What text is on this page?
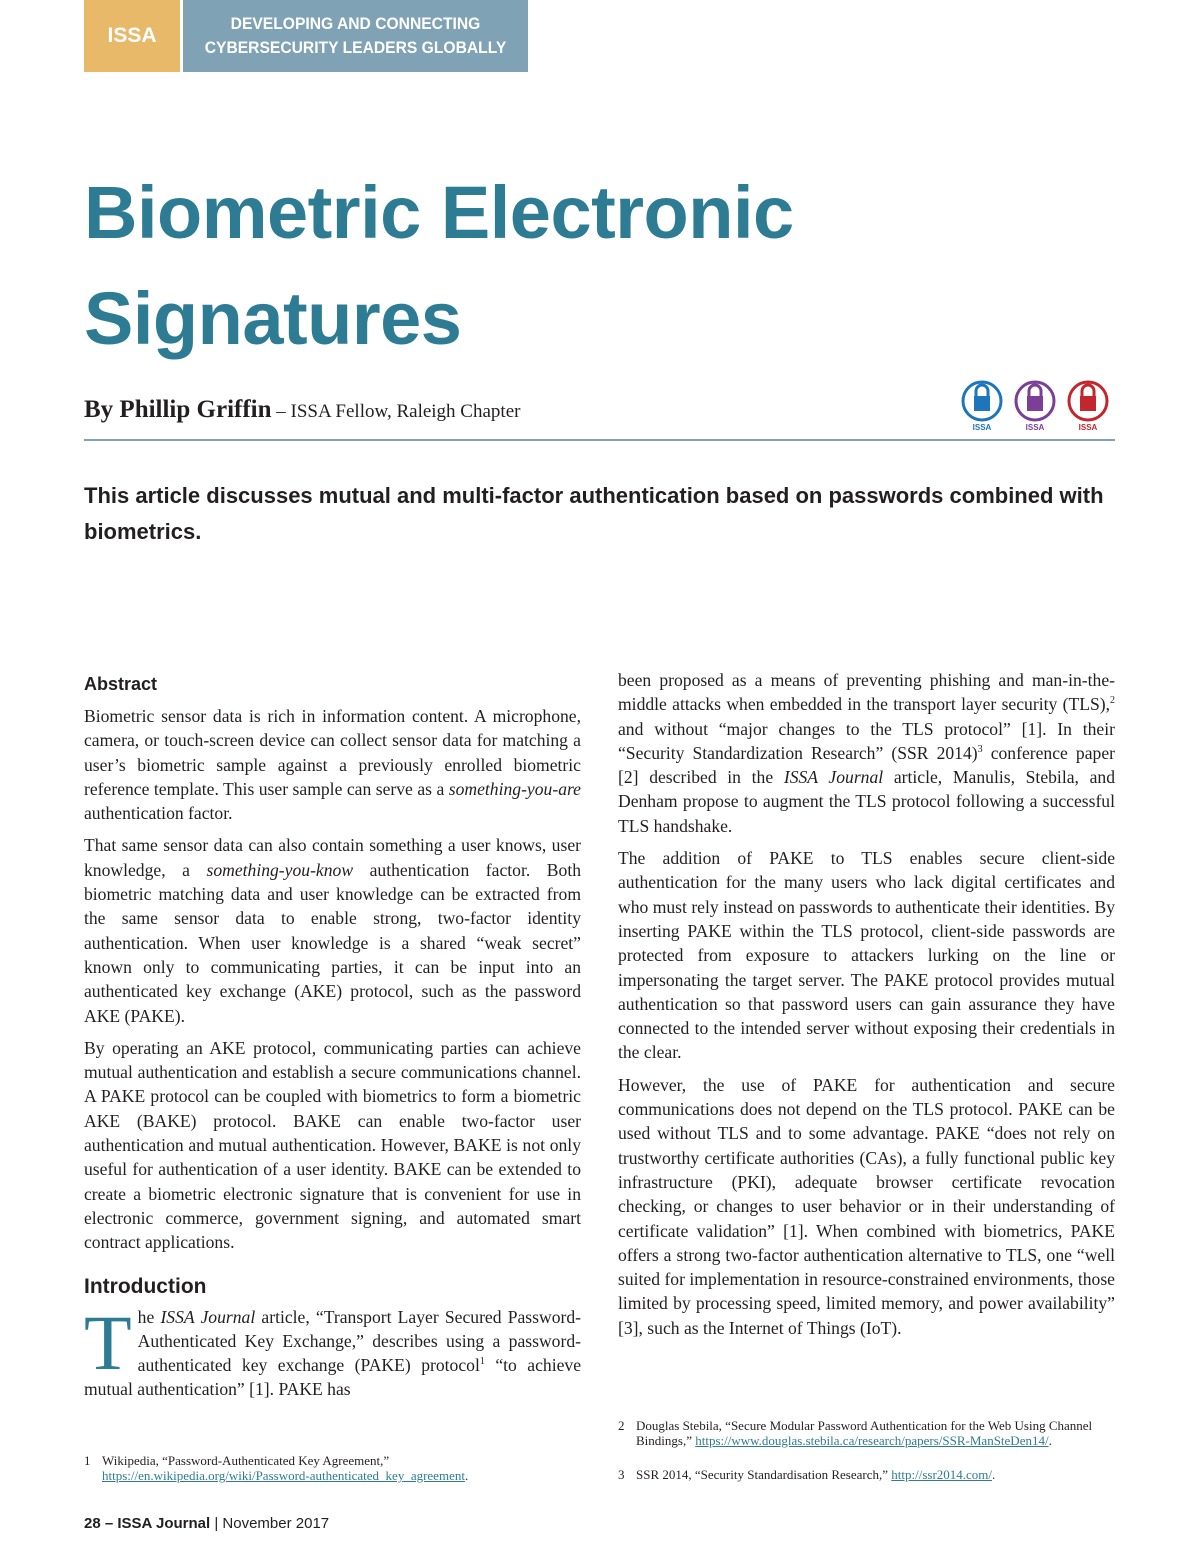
ISSA
DEVELOPING AND CONNECTING
CYBERSECURITY LEADERS GLOBALLY
Biometric Electronic
Signatures
By Phillip Griffin – ISSA Fellow, Raleigh Chapter
ISSA	ISSA	ISSA
This article discusses mutual and multi-factor authentication based on passwords combined with biometrics.
Abstract

Biometric sensor data is rich in information content. A microphone, camera, or touch-screen device can collect sensor data for matching a user’s biometric sample against a previously enrolled biometric reference template. This user sample can serve as a something-you-are authentication factor.

That same sensor data can also contain something a user knows, user knowledge, a something-you-know authentication factor. Both biometric matching data and user knowledge can be extracted from the same sensor data to enable strong, two-factor identity authentication. When user knowledge is a shared “weak secret” known only to communicating parties, it can be input into an authenticated key exchange (AKE) protocol, such as the password AKE (PAKE).

By operating an AKE protocol, communicating parties can achieve mutual authentication and establish a secure communications channel. A PAKE protocol can be coupled with biometrics to form a biometric AKE (BAKE) protocol. BAKE can enable two-factor user authentication and mutual authentication. However, BAKE is not only useful for authentication of a user identity. BAKE can be extended to create a biometric electronic signature that is convenient for use in electronic commerce, government signing, and automated smart contract applications.

Introduction

The ISSA Journal article, “Transport Layer Secured Password-Authenticated Key Exchange,” describes using a password-authenticated key exchange (PAKE) protocol$^1$ “to achieve mutual authentication” [1]. PAKE has

been proposed as a means of preventing phishing and man-in-the-middle attacks when embedded in the transport layer security (TLS),$^2$ and without “major changes to the TLS protocol” [1]. In their “Security Standardization Research” (SSR 2014)$^3$ conference paper [2] described in the ISSA Journal article, Manulis, Stebila, and Denham propose to augment the TLS protocol following a successful TLS handshake.

The addition of PAKE to TLS enables secure client-side authentication for the many users who lack digital certificates and who must rely instead on passwords to authenticate their identities. By inserting PAKE within the TLS protocol, client-side passwords are protected from exposure to attackers lurking on the line or impersonating the target server. The PAKE protocol provides mutual authentication so that password users can gain assurance they have connected to the intended server without exposing their credentials in the clear.

However, the use of PAKE for authentication and secure communications does not depend on the TLS protocol. PAKE can be used without TLS and to some advantage. PAKE “does not rely on trustworthy certificate authorities (CAs), a fully functional public key infrastructure (PKI), adequate browser certificate revocation checking, or changes to user behavior or in their understanding of certificate validation” [1]. When combined with biometrics, PAKE offers a strong two-factor authentication alternative to TLS, one “well suited for implementation in resource-constrained environments, those limited by processing speed, limited memory, and power availability” [3], such as the Internet of Things (IoT).

1 Wikipedia, “Password-Authenticated Key Agreement,” https://en.wikipedia.org/wiki/Password-authenticated_key_agreement.
2 Douglas Stebila, “Secure Modular Password Authentication for the Web Using Channel Bindings,” https://www.douglas.stebila.ca/research/papers/SSR-ManSteDen14/.
3 SSR 2014, “Security Standardisation Research,” http://ssr2014.com/.
28 – ISSA Journal | November 2017
